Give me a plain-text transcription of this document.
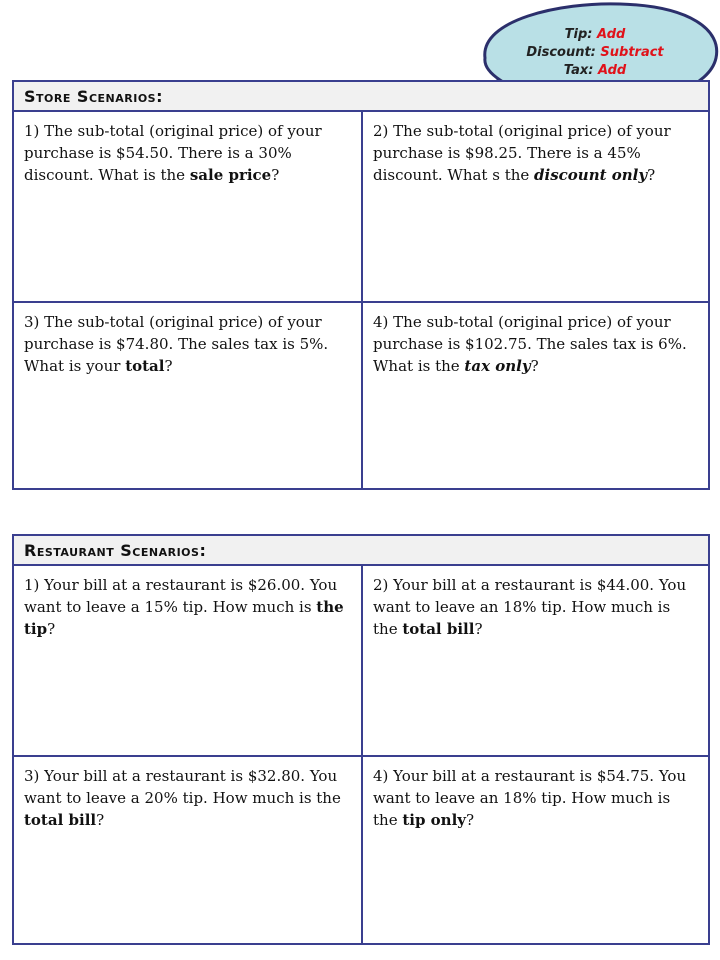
Tip: Add
Discount: Subtract
Tax: Add
Store Scenarios:
1) The sub-total (original price) of your purchase is $54.50. There is a 30% discount. What is the sale price?
2) The sub-total (original price) of your purchase is $98.25. There is a 45% discount. What s the discount only?
3) The sub-total (original price) of your purchase is $74.80. The sales tax is 5%. What is your total?
4) The sub-total (original price) of your purchase is $102.75. The sales tax is 6%. What is the tax only?
Restaurant Scenarios:
1) Your bill at a restaurant is $26.00. You want to leave a 15% tip. How much is the tip?
2) Your bill at a restaurant is $44.00. You want to leave an 18% tip. How much is the total bill?
3) Your bill at a restaurant is $32.80. You want to leave a 20% tip. How much is the total bill?
4) Your bill at a restaurant is $54.75. You want to leave an 18% tip. How much is the tip only?
